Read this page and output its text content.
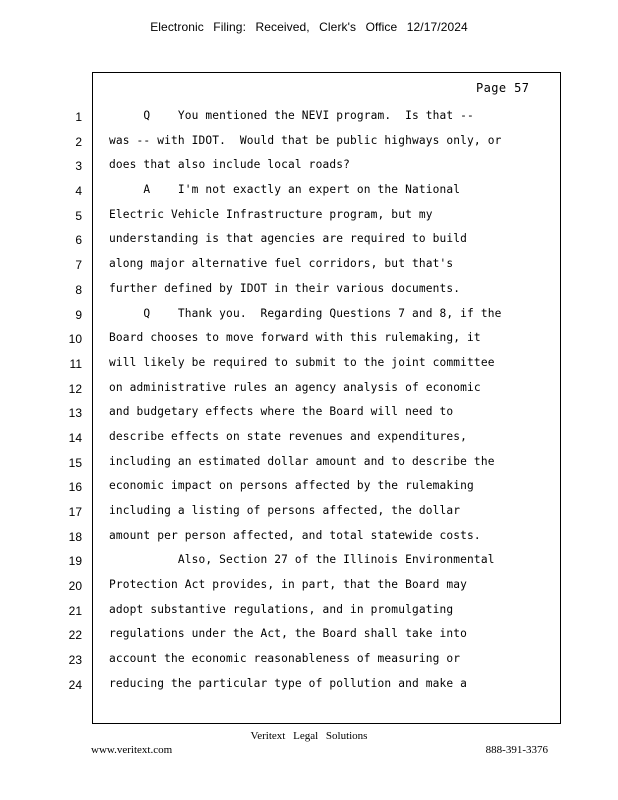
Electronic Filing: Received, Clerk's Office 12/17/2024
Page 57
1 Q    You mentioned the NEVI program.  Is that --
2 was -- with IDOT.  Would that be public highways only, or
3 does that also include local roads?
4 A    I'm not exactly an expert on the National
5 Electric Vehicle Infrastructure program, but my
6 understanding is that agencies are required to build
7 along major alternative fuel corridors, but that's
8 further defined by IDOT in their various documents.
9 Q    Thank you.  Regarding Questions 7 and 8, if the
10 Board chooses to move forward with this rulemaking, it
11 will likely be required to submit to the joint committee
12 on administrative rules an agency analysis of economic
13 and budgetary effects where the Board will need to
14 describe effects on state revenues and expenditures,
15 including an estimated dollar amount and to describe the
16 economic impact on persons affected by the rulemaking
17 including a listing of persons affected, the dollar
18 amount per person affected, and total statewide costs.
19 Also, Section 27 of the Illinois Environmental
20 Protection Act provides, in part, that the Board may
21 adopt substantive regulations, and in promulgating
22 regulations under the Act, the Board shall take into
23 account the economic reasonableness of measuring or
24 reducing the particular type of pollution and make a
Veritext Legal Solutions
www.veritext.com	888-391-3376
